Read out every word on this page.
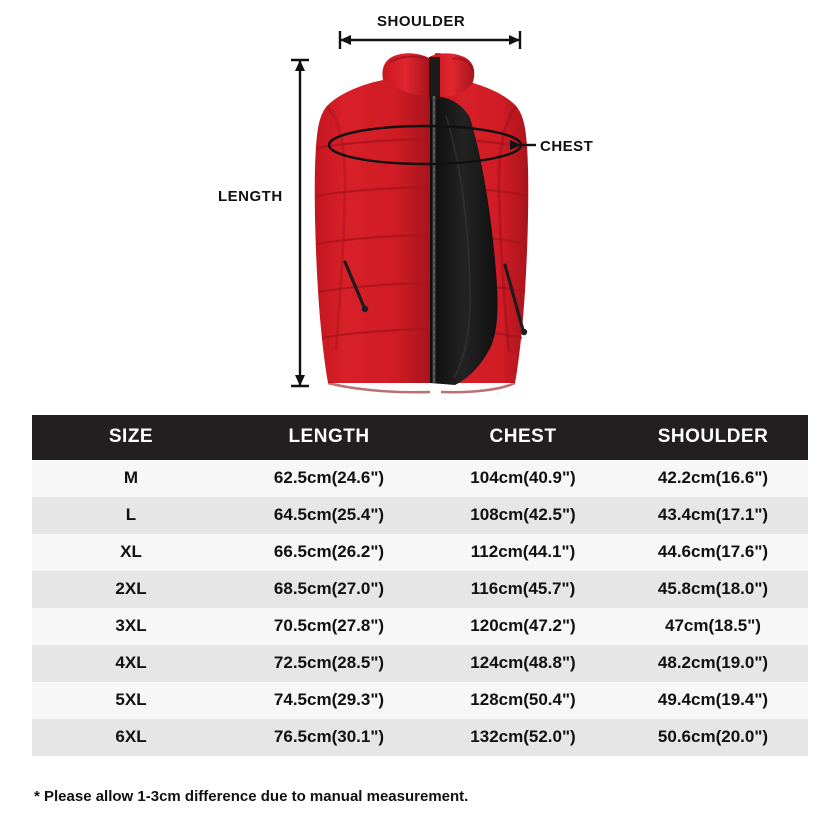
SHOULDER
CHEST
LENGTH
SIZE	LENGTH	CHEST	SHOULDER
M	62.5cm(24.6")	104cm(40.9")	42.2cm(16.6")
L	64.5cm(25.4")	108cm(42.5")	43.4cm(17.1")
XL	66.5cm(26.2")	112cm(44.1")	44.6cm(17.6")
2XL	68.5cm(27.0")	116cm(45.7")	45.8cm(18.0")
3XL	70.5cm(27.8")	120cm(47.2")	47cm(18.5")
4XL	72.5cm(28.5")	124cm(48.8")	48.2cm(19.0")
5XL	74.5cm(29.3")	128cm(50.4")	49.4cm(19.4")
6XL	76.5cm(30.1")	132cm(52.0")	50.6cm(20.0")
* Please allow 1-3cm difference due to manual measurement.
